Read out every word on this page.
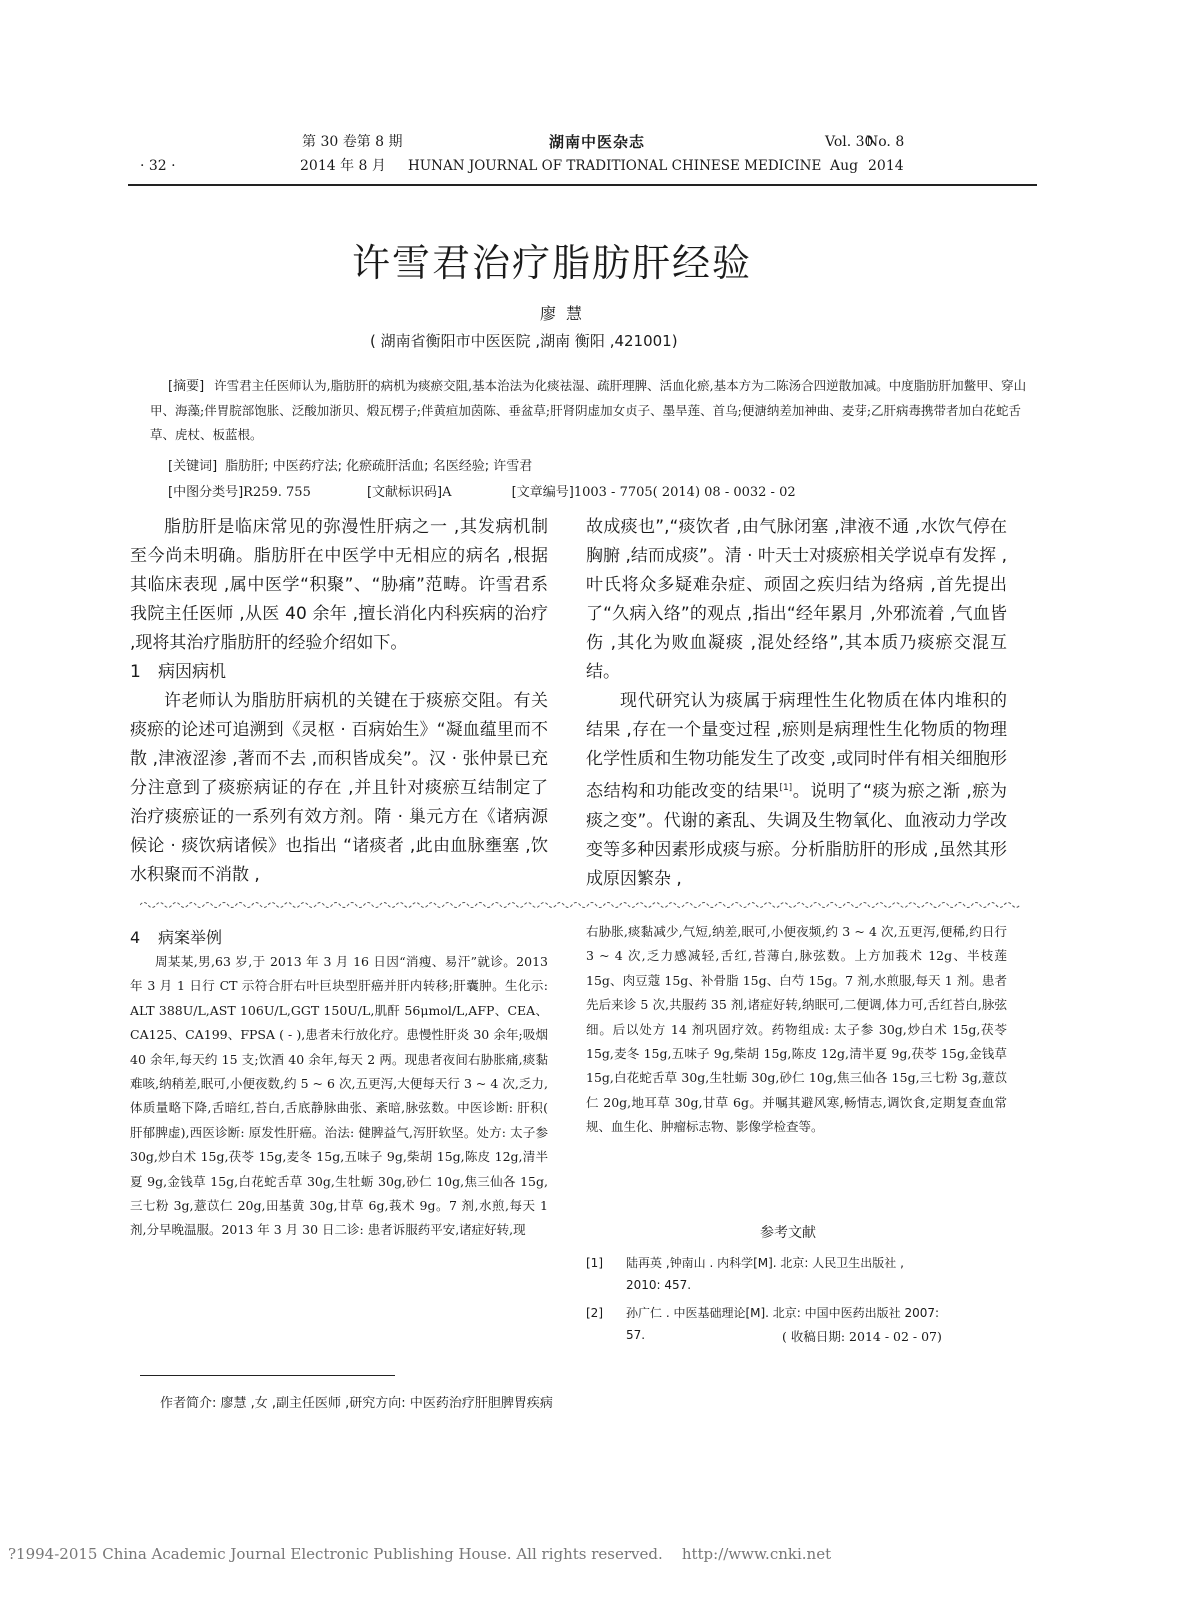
· 32 ·
第 30 卷第 8 期
2014 年 8 月
湖南中医杂志
HUNAN JOURNAL OF TRADITIONAL CHINESE MEDICINE
Vol. 30
No. 8
Aug 2014
许雪君治疗脂肪肝经验
廖慧
( 湖南省衡阳市中医医院 ,湖南 衡阳 ,421001)
[摘要] 许雪君主任医师认为,脂肪肝的病机为痰瘀交阻,基本治法为化痰祛湿、疏肝理脾、活血化瘀,基本方为二陈汤合四逆散加减。中度脂肪肝加鳖甲、穿山甲、海藻;伴胃脘部饱胀、泛酸加浙贝、煅瓦楞子;伴黄疸加茵陈、垂盆草;肝肾阴虚加女贞子、墨旱莲、首乌;便溏纳差加神曲、麦芽;乙肝病毒携带者加白花蛇舌草、虎杖、板蓝根。
[关键词] 脂肪肝; 中医药疗法; 化瘀疏肝活血; 名医经验; 许雪君
[中图分类号]R259. 755	[文献标识码]A	[文章编号]1003 - 7705( 2014) 08 - 0032 - 02

脂肪肝是临床常见的弥漫性肝病之一 ,其发病机制至今尚未明确。脂肪肝在中医学中无相应的病名 ,根据其临床表现 ,属中医学“积聚”、“胁痛”范畴。许雪君系我院主任医师 ,从医 40 余年 ,擅长消化内科疾病的治疗 ,现将其治疗脂肪肝的经验介绍如下。

1 病因病机

许老师认为脂肪肝病机的关键在于痰瘀交阻。有关痰瘀的论述可追溯到《灵枢 · 百病始生》“凝血蕴里而不散 ,津液涩渗 ,著而不去 ,而积皆成矣”。汉 · 张仲景已充分注意到了痰瘀病证的存在 ,并且针对痰瘀互结制定了治疗痰瘀证的一系列有效方剂。隋 · 巢元方在《诸病源候论 · 痰饮病诸候》也指出 “诸痰者 ,此由血脉壅塞 ,饮水积聚而不消散 ,

故成痰也”,“痰饮者 ,由气脉闭塞 ,津液不通 ,水饮气停在胸腑 ,结而成痰”。清 · 叶天士对痰瘀相关学说卓有发挥 ,叶氏将众多疑难杂症、顽固之疾归结为络病 ,首先提出了“久病入络”的观点 ,指出“经年累月 ,外邪流着 ,气血皆伤 ,其化为败血凝痰 ,混处经络”,其本质乃痰瘀交混互结。

现代研究认为痰属于病理性生化物质在体内堆积的结果 ,存在一个量变过程 ,瘀则是病理性生化物质的物理化学性质和生物功能发生了改变 ,或同时伴有相关细胞形态结构和功能改变的结果[1]。说明了“痰为瘀之渐 ,瘀为痰之变”。代谢的紊乱、失调及生物氧化、血液动力学改变等多种因素形成痰与瘀。分析脂肪肝的形成 ,虽然其形成原因繁杂 ,

4 病案举例

周某某,男,63 岁,于 2013 年 3 月 16 日因“消瘦、易汗”就诊。2013 年 3 月 1 日行 CT 示符合肝右叶巨块型肝癌并肝内转移;肝囊肿。生化示: ALT 388U/L,AST 106U/L,GGT 150U/L,肌酐 56μmol/L,AFP、CEA、CA125、CA199、FPSA ( - ),患者未行放化疗。患慢性肝炎 30 余年;吸烟 40 余年,每天约 15 支;饮酒 40 余年,每天 2 两。现患者夜间右胁胀痛,痰黏难咳,纳稍差,眠可,小便夜数,约 5 ~ 6 次,五更泻,大便每天行 3 ~ 4 次,乏力,体质量略下降,舌暗红,苔白,舌底静脉曲张、紊暗,脉弦数。中医诊断: 肝积( 肝郁脾虚),西医诊断: 原发性肝癌。治法: 健脾益气,泻肝软坚。处方: 太子参 30g,炒白术 15g,茯苓 15g,麦冬 15g,五味子 9g,柴胡 15g,陈皮 12g,清半夏 9g,金钱草 15g,白花蛇舌草 30g,生牡蛎 30g,砂仁 10g,焦三仙各 15g,三七粉 3g,薏苡仁 20g,田基黄 30g,甘草 6g,莪术 9g。7 剂,水煎,每天 1 剂,分早晚温服。2013 年 3 月 30 日二诊: 患者诉服药平安,诸症好转,现

右胁胀,痰黏减少,气短,纳差,眠可,小便夜频,约 3 ~ 4 次,五更泻,便稀,约日行 3 ~ 4 次,乏力感减轻,舌红,苔薄白,脉弦数。上方加莪术 12g、半枝莲 15g、肉豆蔻 15g、补骨脂 15g、白芍 15g。7 剂,水煎服,每天 1 剂。患者先后来诊 5 次,共服药 35 剂,诸症好转,纳眠可,二便调,体力可,舌红苔白,脉弦细。后以处方 14 剂巩固疗效。药物组成: 太子参 30g,炒白术 15g,茯苓 15g,麦冬 15g,五味子 9g,柴胡 15g,陈皮 12g,清半夏 9g,茯苓 15g,金钱草 15g,白花蛇舌草 30g,生牡蛎 30g,砂仁 10g,焦三仙各 15g,三七粉 3g,薏苡仁 20g,地耳草 30g,甘草 6g。并嘱其避风寒,畅情志,调饮食,定期复查血常规、血生化、肿瘤标志物、影像学检查等。

参考文献
[1] 陆再英 ,钟南山 . 内科学[M]. 北京: 人民卫生出版社 ,
2010: 457.
[2] 孙广仁 . 中医基础理论[M]. 北京: 中国中医药出版社 2007:
57.	( 收稿日期: 2014 - 02 - 07)
作者简介: 廖慧 ,女 ,副主任医师 ,研究方向: 中医药治疗肝胆脾胃疾病
?1994-2015 China Academic Journal Electronic Publishing House. All rights reserved.    http://www.cnki.net
